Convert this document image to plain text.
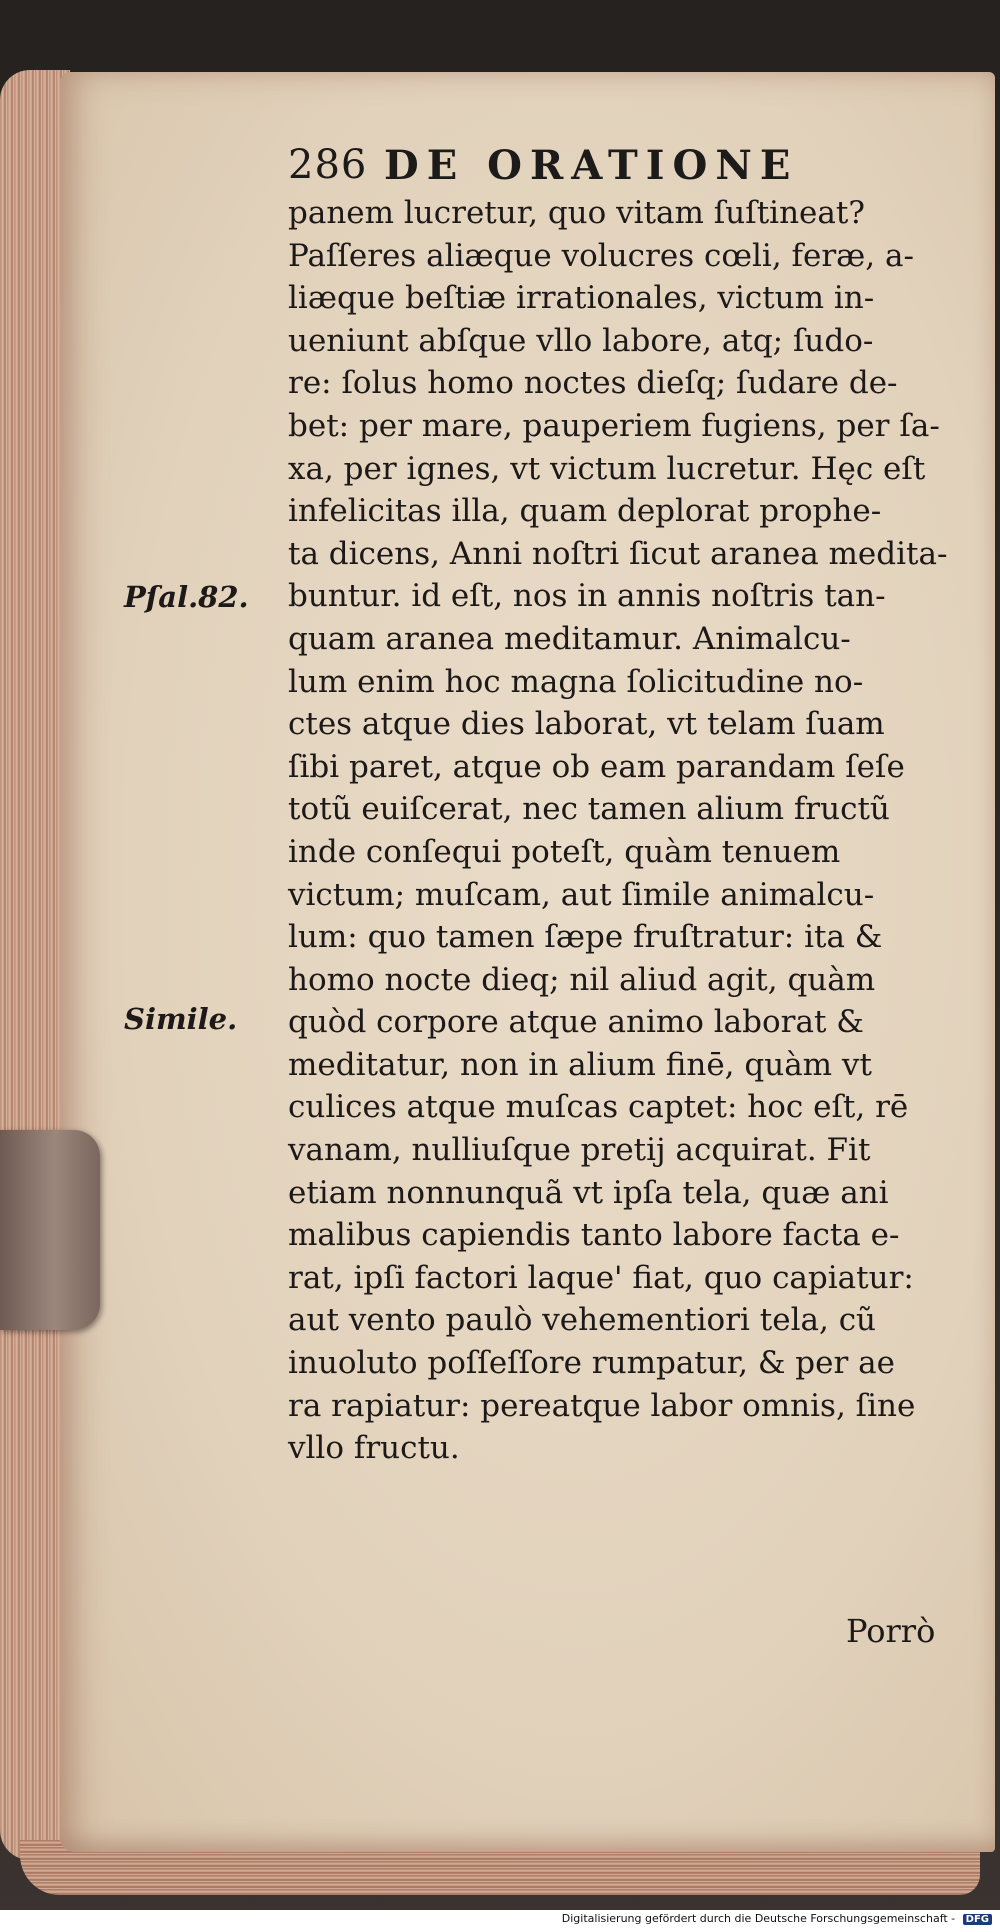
286 DE ORATIONE
Pſal.82.
Simile.
panem lucretur, quo vitam ſuſtineat?
Paſſeres aliæque volucres cœli, feræ, a-
liæque beſtiæ irrationales, victum in-
ueniunt abſque vllo labore, atq; ſudo-
re: ſolus homo noctes dieſq; ſudare de-
bet: per mare, pauperiem fugiens, per ſa-
xa, per ignes, vt victum lucretur. Hęc eſt
infelicitas illa, quam deplorat prophe-
ta dicens, Anni noſtri ſicut aranea medita-
buntur. id eſt, nos in annis noſtris tan-
quam aranea meditamur. Animalcu-
lum enim hoc magna ſolicitudine no-
ctes atque dies laborat, vt telam ſuam
ſibi paret, atque ob eam parandam ſeſe
totũ euiſcerat, nec tamen alium fructũ
inde conſequi poteſt, quàm tenuem
victum; muſcam, aut ſimile animalcu-
lum: quo tamen ſæpe fruſtratur: ita &
homo nocte dieq; nil aliud agit, quàm
quòd corpore atque animo laborat &
meditatur, non in alium finē, quàm vt
culices atque muſcas captet: hoc eſt, rē
vanam, nulliuſque pretij acquirat. Fit
etiam nonnunquã vt ipſa tela, quæ ani
malibus capiendis tanto labore facta e-
rat, ipſi factori laque' fiat, quo capiatur:
aut vento paulò vehementiori tela, cũ
inuoluto poſſeſſore rumpatur, & per ae
ra rapiatur: pereatque labor omnis, ſine
vllo fructu.
Porrò
Digitalisierung gefördert durch die Deutsche Forschungsgemeinschaft - DFG
